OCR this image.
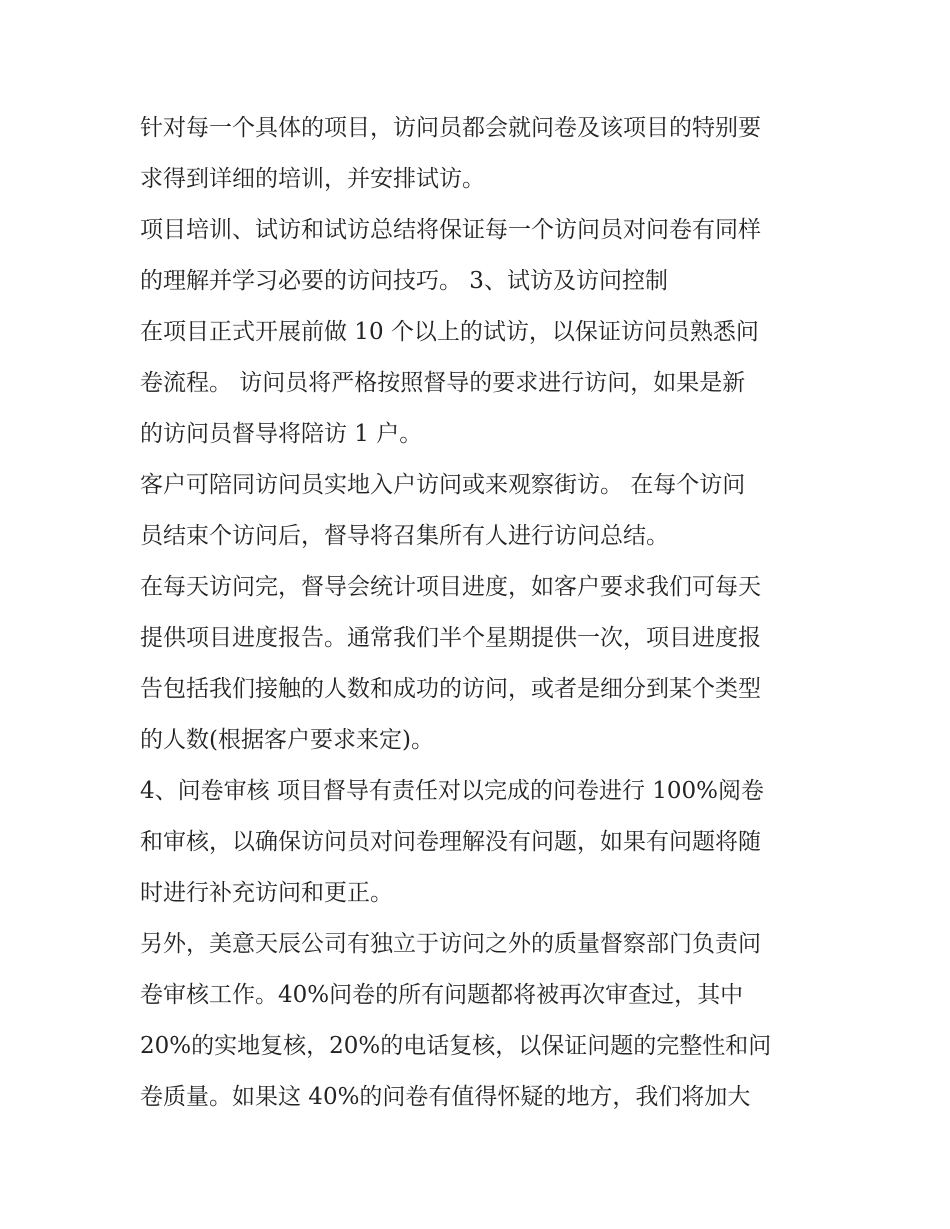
针对每一个具体的项目，访问员都会就问卷及该项目的特别要
求得到详细的培训，并安排试访。
项目培训、试访和试访总结将保证每一个访问员对问卷有同样
的理解并学习必要的访问技巧。 3、试访及访问控制
在项目正式开展前做 10 个以上的试访，以保证访问员熟悉问
卷流程。 访问员将严格按照督导的要求进行访问，如果是新
的访问员督导将陪访 1 户。
客户可陪同访问员实地入户访问或来观察街访。 在每个访问
员结束个访问后，督导将召集所有人进行访问总结。
在每天访问完，督导会统计项目进度，如客户要求我们可每天
提供项目进度报告。通常我们半个星期提供一次，项目进度报
告包括我们接触的人数和成功的访问，或者是细分到某个类型
的人数(根据客户要求来定)。
4、问卷审核 项目督导有责任对以完成的问卷进行 100%阅卷
和审核，以确保访问员对问卷理解没有问题，如果有问题将随
时进行补充访问和更正。
另外，美意天辰公司有独立于访问之外的质量督察部门负责问
卷审核工作。40%问卷的所有问题都将被再次审查过，其中
20%的实地复核，20%的电话复核，以保证问题的完整性和问
卷质量。如果这 40%的问卷有值得怀疑的地方，我们将加大
